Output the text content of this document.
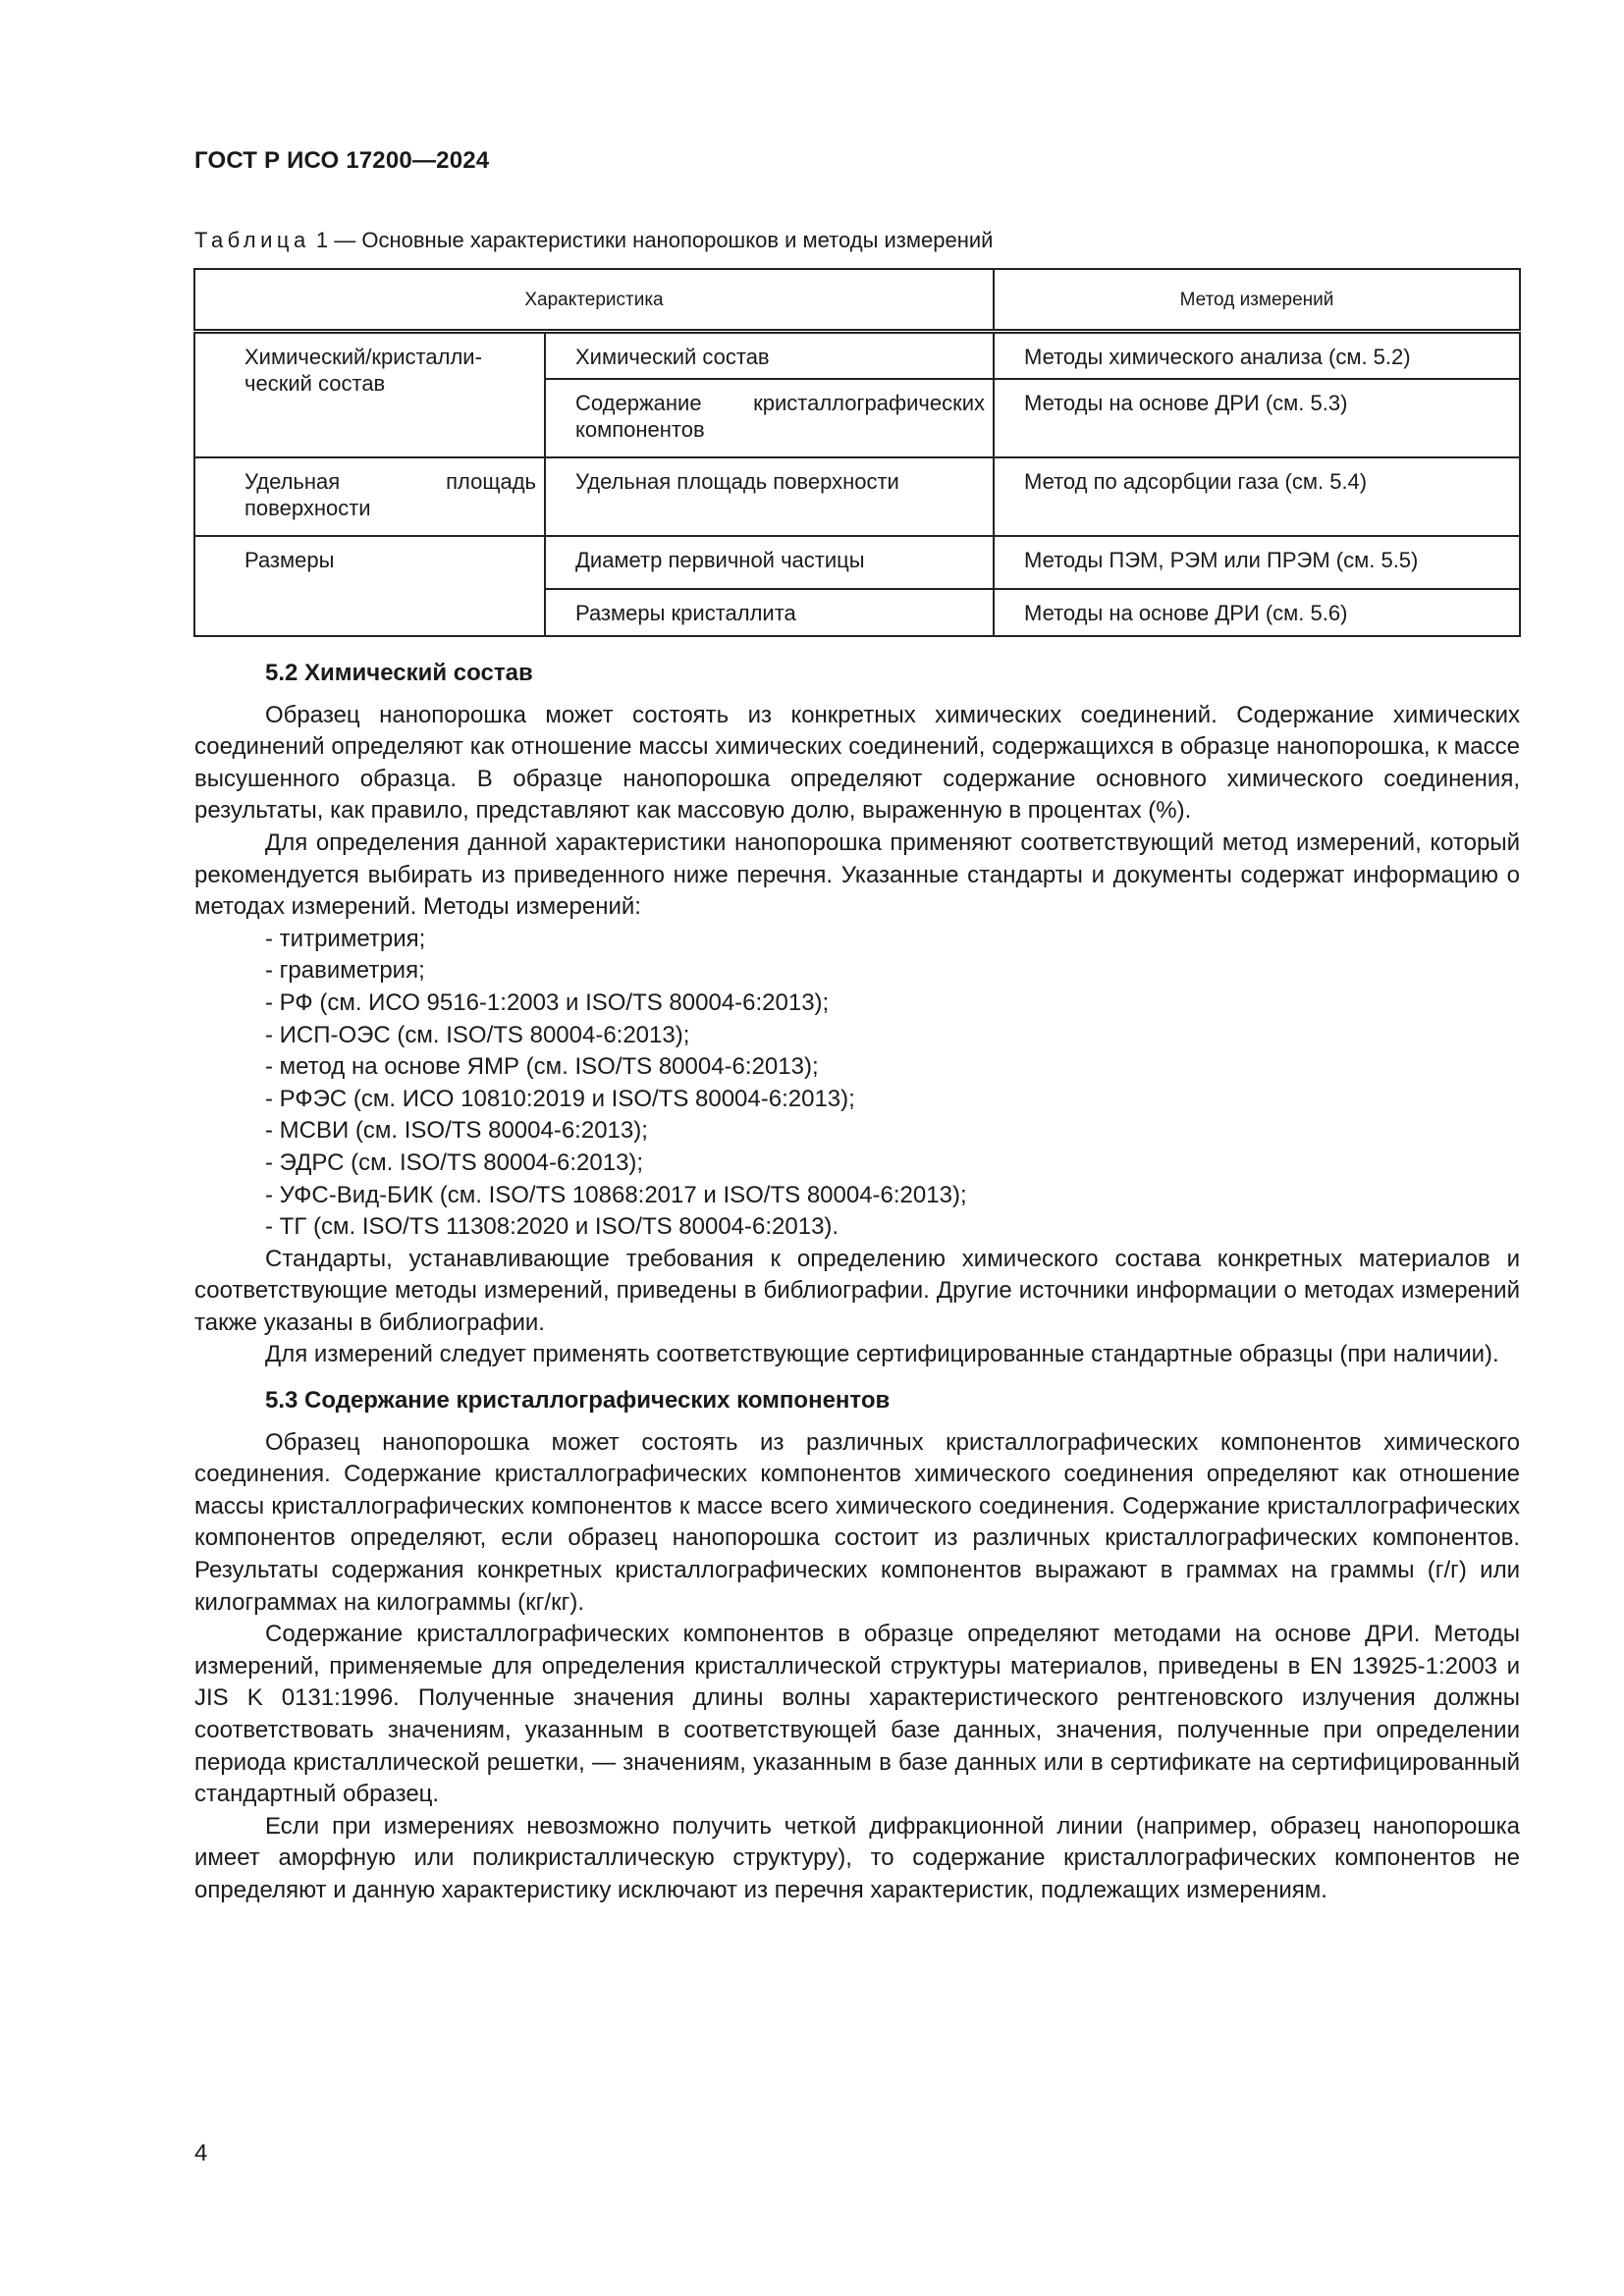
ГОСТ Р ИСО 17200—2024
Таблица 1 — Основные характеристики нанопорошков и методы измерений
Характеристика		Метод измерений
Химический/кристалли-ческий состав	Химический состав	Методы химического анализа (см. 5.2)
	Содержание кристаллографических компонентов	Методы на основе ДРИ (см. 5.3)
Удельная площадь поверхности	Удельная площадь поверхности	Метод по адсорбции газа (см. 5.4)
Размеры	Диаметр первичной частицы	Методы ПЭМ, РЭМ или ПРЭМ (см. 5.5)
	Размеры кристаллита	Методы на основе ДРИ (см. 5.6)
5.2 Химический состав

Образец нанопорошка может состоять из конкретных химических соединений. Содержание химических соединений определяют как отношение массы химических соединений, содержащихся в образце нанопорошка, к массе высушенного образца. В образце нанопорошка определяют содержание основного химического соединения, результаты, как правило, представляют как массовую долю, выраженную в процентах (%).

Для определения данной характеристики нанопорошка применяют соответствующий метод измерений, который рекомендуется выбирать из приведенного ниже перечня. Указанные стандарты и документы содержат информацию о методах измерений. Методы измерений:

- титриметрия;
- гравиметрия;
- РФ (см. ИСО 9516-1:2003 и ISO/TS 80004-6:2013);
- ИСП-ОЭС (см. ISO/TS 80004-6:2013);
- метод на основе ЯМР (см. ISO/TS 80004-6:2013);
- РФЭС (см. ИСО 10810:2019 и ISO/TS 80004-6:2013);
- МСВИ (см. ISO/TS 80004-6:2013);
- ЭДРС (см. ISO/TS 80004-6:2013);
- УФС-Вид-БИК (см. ISO/TS 10868:2017 и ISO/TS 80004-6:2013);
- ТГ (см. ISO/TS 11308:2020 и ISO/TS 80004-6:2013).

Стандарты, устанавливающие требования к определению химического состава конкретных материалов и соответствующие методы измерений, приведены в библиографии. Другие источники информации о методах измерений также указаны в библиографии.

Для измерений следует применять соответствующие сертифицированные стандартные образцы (при наличии).

5.3 Содержание кристаллографических компонентов

Образец нанопорошка может состоять из различных кристаллографических компонентов химического соединения. Содержание кристаллографических компонентов химического соединения определяют как отношение массы кристаллографических компонентов к массе всего химического соединения. Содержание кристаллографических компонентов определяют, если образец нанопорошка состоит из различных кристаллографических компонентов. Результаты содержания конкретных кристаллографических компонентов выражают в граммах на граммы (г/г) или килограммах на килограммы (кг/кг).

Содержание кристаллографических компонентов в образце определяют методами на основе ДРИ. Методы измерений, применяемые для определения кристаллической структуры материалов, приведены в EN 13925-1:2003 и JIS K 0131:1996. Полученные значения длины волны характеристического рентгеновского излучения должны соответствовать значениям, указанным в соответствующей базе данных, значения, полученные при определении периода кристаллической решетки, — значениям, указанным в базе данных или в сертификате на сертифицированный стандартный образец.

Если при измерениях невозможно получить четкой дифракционной линии (например, образец нанопорошка имеет аморфную или поликристаллическую структуру), то содержание кристаллографических компонентов не определяют и данную характеристику исключают из перечня характеристик, подлежащих измерениям.

4
